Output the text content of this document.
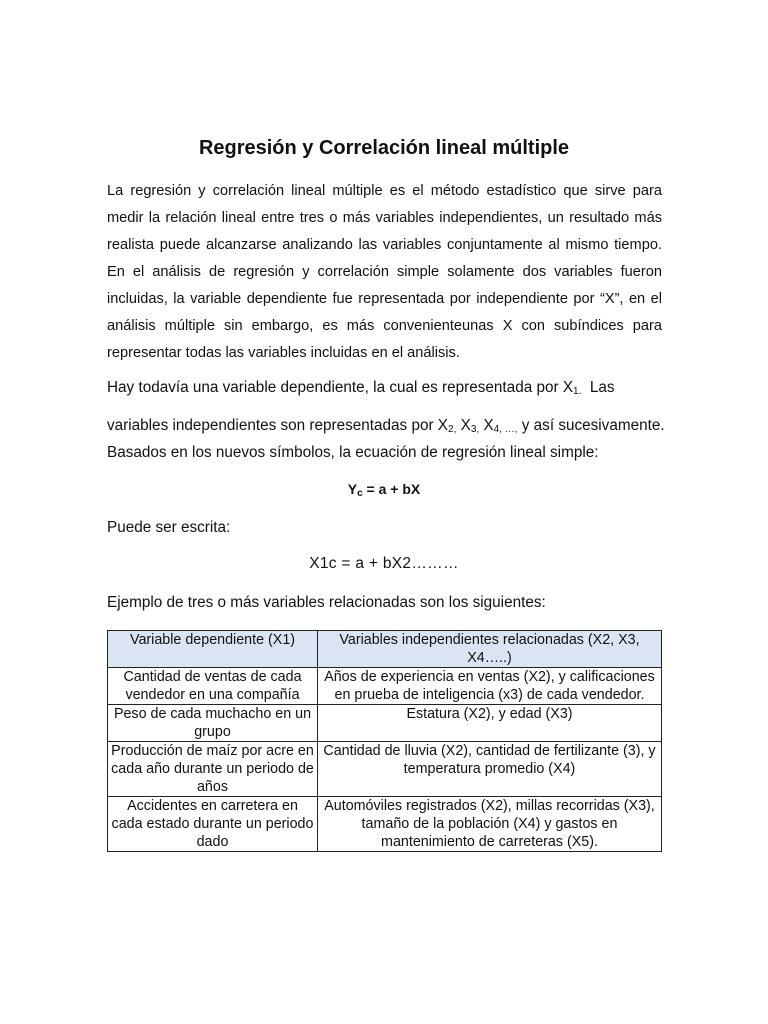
Regresión y Correlación lineal múltiple

La regresión y correlación lineal múltiple es el método estadístico que sirve para medir la relación lineal entre tres o más variables independientes, un resultado más realista puede alcanzarse analizando las variables conjuntamente al mismo tiempo. En el análisis de regresión y correlación simple solamente dos variables fueron incluidas, la variable dependiente fue representada por independiente por “X”, en el análisis múltiple sin embargo, es más convenienteunas X con subíndices para representar todas las variables incluidas en el análisis.

Hay todavía una variable dependiente, la cual es representada por $X_{1.}$  Las
variables independientes son representadas por $X_{2,}$ $X_{3,}$ $X_{4, \dots,}$ y así sucesivamente.
Basados en los nuevos símbolos, la ecuación de regresión lineal simple:
$Y_c = a$ + bX
Puede ser escrita:
X1c = a + bX2………
Ejemplo de tres o más variables relacionadas son los siguientes:
Variable dependiente (X1)	Variables independientes relacionadas (X2, X3, X4…..)
Cantidad de ventas de cada vendedor en una compañía	Años de experiencia en ventas (X2), y calificaciones en prueba de inteligencia (x3) de cada vendedor.
Peso de cada muchacho en un grupo	Estatura (X2), y edad (X3)
Producción de maíz por acre en cada año durante un periodo de años	Cantidad de lluvia (X2), cantidad de fertilizante (3), y temperatura promedio (X4)
Accidentes en carretera en cada estado durante un periodo dado	Automóviles registrados (X2), millas recorridas (X3), tamaño de la población (X4) y gastos en mantenimiento de carreteras (X5).
